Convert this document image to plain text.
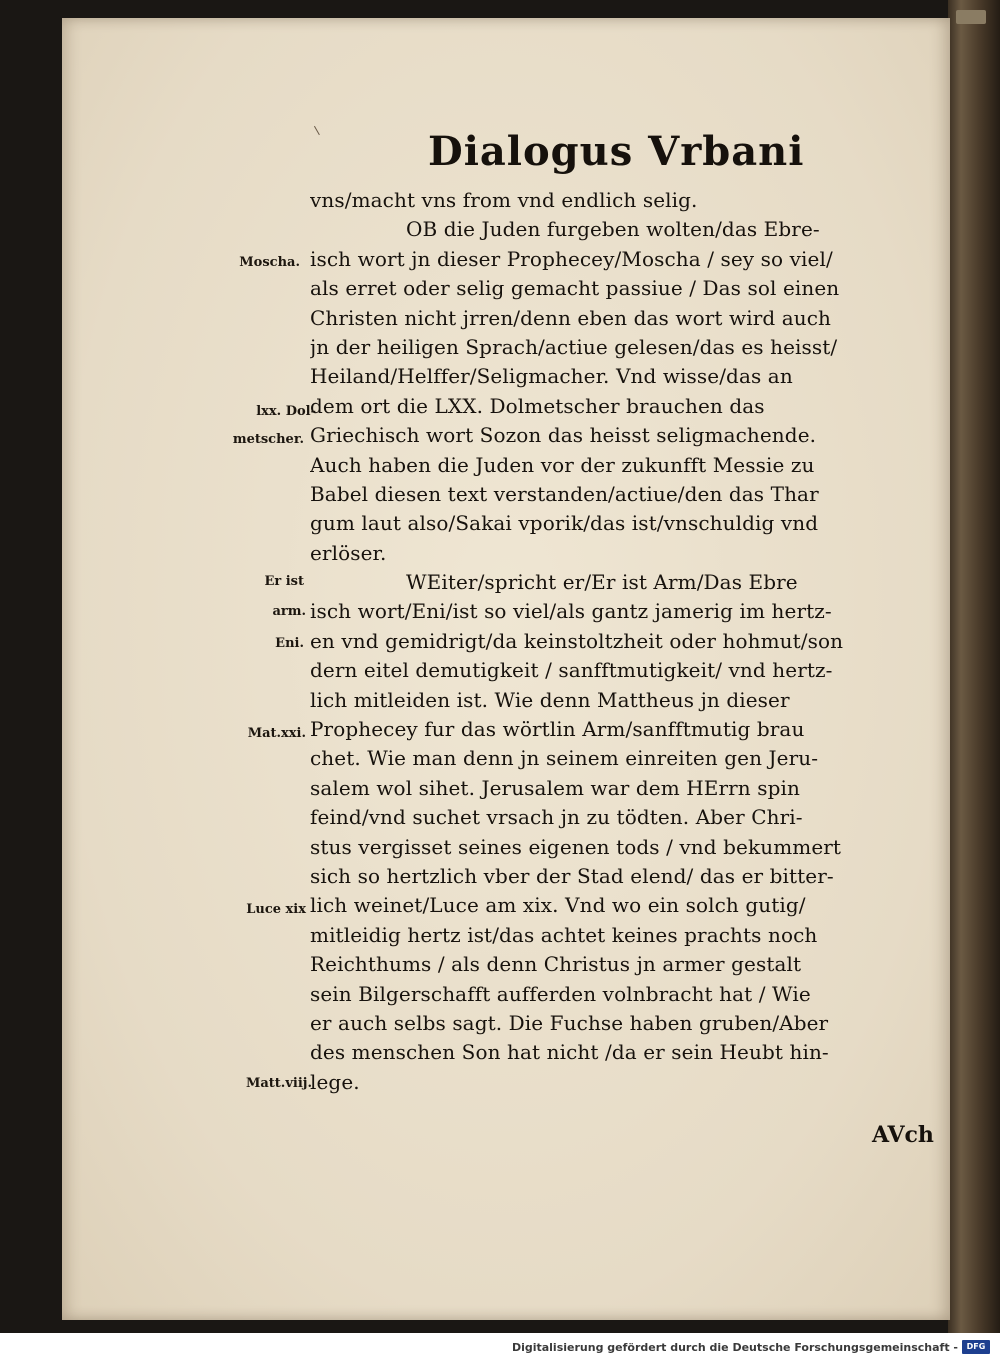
Dialogus Vrbani
vns/macht vns from vnd endlich selig.
OB die Juden furgeben wolten/das Ebre-
isch wort jn dieser Prophecey/Moscha / sey so viel/
als erret oder selig gemacht passiue / Das sol einen
Christen nicht jrren/denn eben das wort wird auch
jn der heiligen Sprach/actiue gelesen/das es heisst/
Heiland/Helffer/Seligmacher. Vnd wisse/das an
dem ort die LXX. Dolmetscher brauchen das
Griechisch wort Sozon das heisst seligmachende.
Auch haben die Juden vor der zukunfft Messie zu
Babel diesen text verstanden/actiue/den das Thar
gum laut also/Sakai vporik/das ist/vnschuldig vnd
erlöser.
WEiter/spricht er/Er ist Arm/Das Ebre
isch wort/Eni/ist so viel/als gantz jamerig im hertz-
en vnd gemidrigt/da keinstoltzheit oder hohmut/son
dern eitel demutigkeit / sanfftmutigkeit/ vnd hertz-
lich mitleiden ist. Wie denn Mattheus jn dieser
Prophecey fur das wörtlin Arm/sanfftmutig brau
chet. Wie man denn jn seinem einreiten gen Jeru-
salem wol sihet. Jerusalem war dem HErrn spin
feind/vnd suchet vrsach jn zu tödten. Aber Chri-
stus vergisset seines eigenen tods / vnd bekummert
sich so hertzlich vber der Stad elend/ das er bitter-
lich weinet/Luce am xix. Vnd wo ein solch gutig/
mitleidig hertz ist/das achtet keines prachts noch
Reichthums / als denn Christus jn armer gestalt
sein Bilgerschafft aufferden volnbracht hat / Wie
er auch selbs sagt. Die Fuchse haben gruben/Aber
des menschen Son hat nicht /da er sein Heubt hin-
lege.
Moscha.
lxx. Dol-
metscher.
Er ist
arm.
Eni.
Mat.xxi.
Luce xix
Matt.viij.
AVch
Digitalisierung gefördert durch die Deutsche Forschungsgemeinschaft -	DFG
